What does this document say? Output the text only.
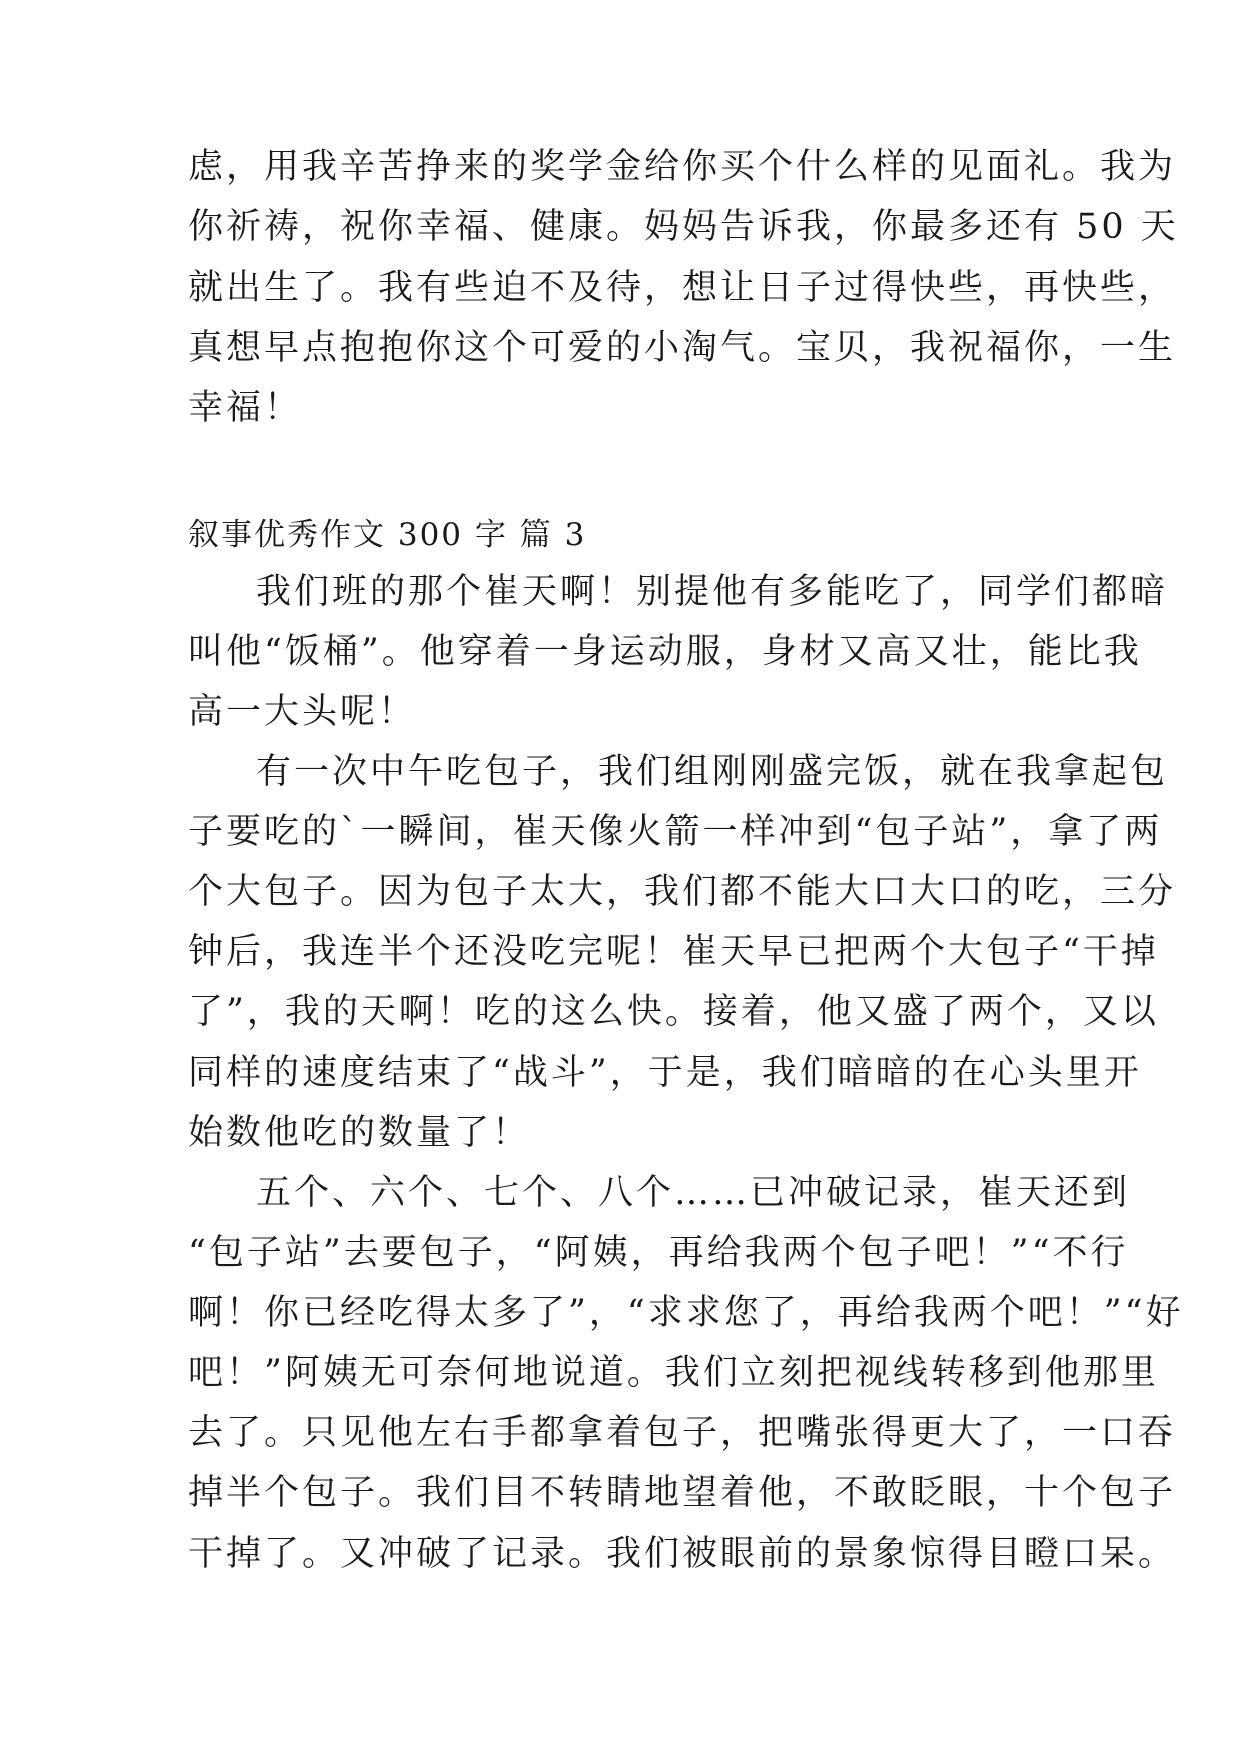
虑，用我辛苦挣来的奖学金给你买个什么样的见面礼。我为
你祈祷，祝你幸福、健康。妈妈告诉我，你最多还有 50 天
就出生了。我有些迫不及待，想让日子过得快些，再快些，
真想早点抱抱你这个可爱的小淘气。宝贝，我祝福你，一生
幸福！
叙事优秀作文 300 字 篇 3
我们班的那个崔天啊！别提他有多能吃了，同学们都暗
叫他“饭桶”。他穿着一身运动服，身材又高又壮，能比我
高一大头呢！
有一次中午吃包子，我们组刚刚盛完饭，就在我拿起包
子要吃的`一瞬间，崔天像火箭一样冲到“包子站”，拿了两
个大包子。因为包子太大，我们都不能大口大口的吃，三分
钟后，我连半个还没吃完呢！崔天早已把两个大包子“干掉
了”，我的天啊！吃的这么快。接着，他又盛了两个，又以
同样的速度结束了“战斗”，于是，我们暗暗的在心头里开
始数他吃的数量了！
五个、六个、七个、八个……已冲破记录，崔天还到
“包子站”去要包子，“阿姨，再给我两个包子吧！”“不行
啊！你已经吃得太多了”，“求求您了，再给我两个吧！”“好
吧！”阿姨无可奈何地说道。我们立刻把视线转移到他那里
去了。只见他左右手都拿着包子，把嘴张得更大了，一口吞
掉半个包子。我们目不转睛地望着他，不敢眨眼，十个包子
干掉了。又冲破了记录。我们被眼前的景象惊得目瞪口呆。
